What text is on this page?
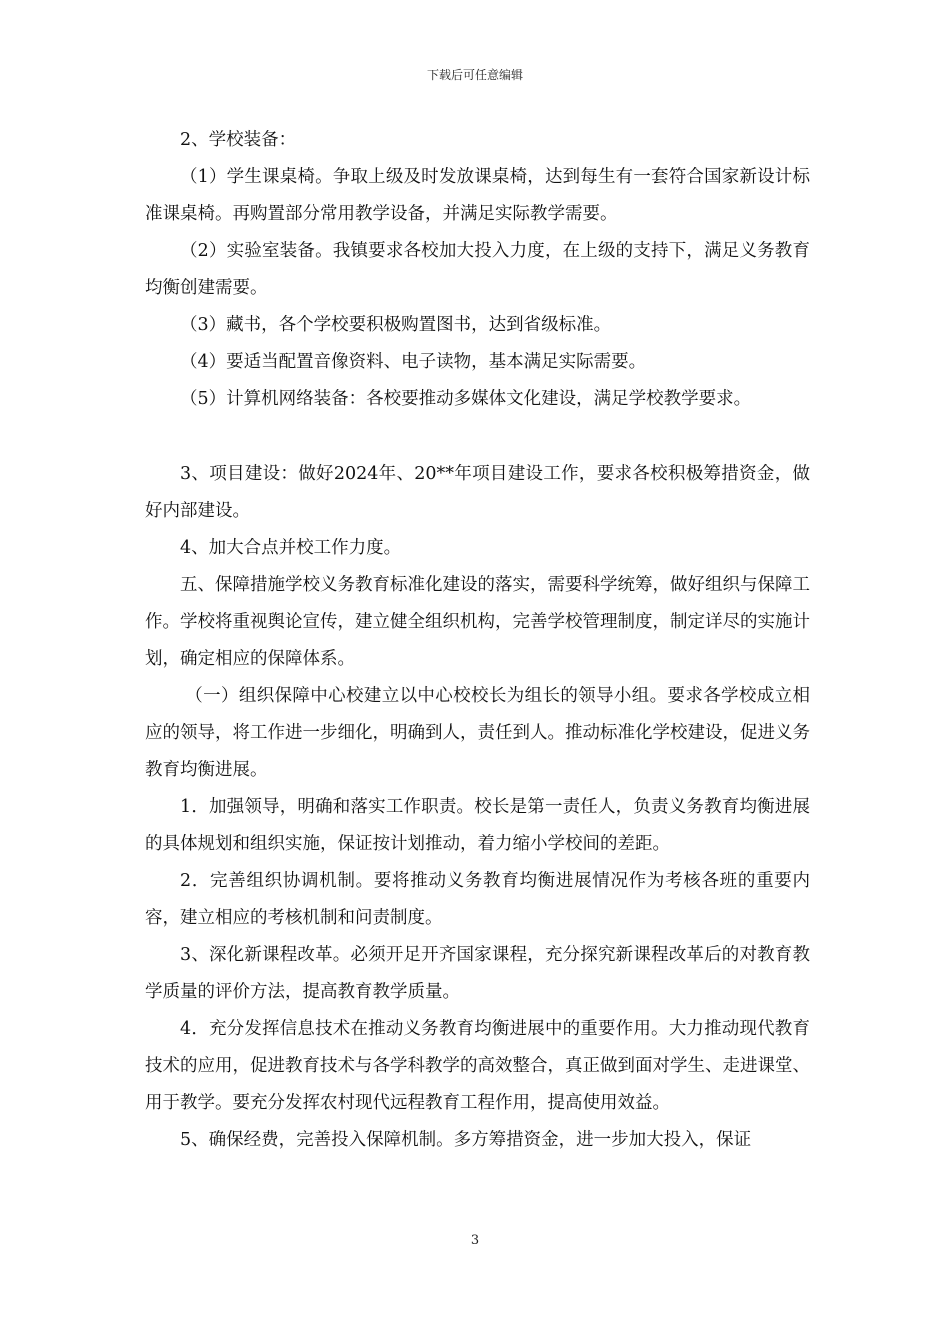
下载后可任意编辑

2、学校装备：

（1）学生课桌椅。争取上级及时发放课桌椅，达到每生有一套符合国家新设计标准课桌椅。再购置部分常用教学设备，并满足实际教学需要。

（2）实验室装备。我镇要求各校加大投入力度，在上级的支持下，满足义务教育均衡创建需要。

（3）藏书，各个学校要积极购置图书，达到省级标准。

（4）要适当配置音像资料、电子读物，基本满足实际需要。

（5）计算机网络装备：各校要推动多媒体文化建设，满足学校教学要求。

3、项目建设：做好2024年、20**年项目建设工作，要求各校积极筹措资金，做好内部建设。

4、加大合点并校工作力度。

五、保障措施学校义务教育标准化建设的落实，需要科学统筹，做好组织与保障工作。学校将重视舆论宣传，建立健全组织机构，完善学校管理制度，制定详尽的实施计划，确定相应的保障体系。

（一）组织保障中心校建立以中心校校长为组长的领导小组。要求各学校成立相应的领导，将工作进一步细化，明确到人，责任到人。推动标准化学校建设，促进义务教育均衡进展。

1．加强领导，明确和落实工作职责。校长是第一责任人，负责义务教育均衡进展的具体规划和组织实施，保证按计划推动，着力缩小学校间的差距。

2．完善组织协调机制。要将推动义务教育均衡进展情况作为考核各班的重要内容，建立相应的考核机制和问责制度。

3、深化新课程改革。必须开足开齐国家课程，充分探究新课程改革后的对教育教学质量的评价方法，提高教育教学质量。

4．充分发挥信息技术在推动义务教育均衡进展中的重要作用。大力推动现代教育技术的应用，促进教育技术与各学科教学的高效整合，真正做到面对学生、走进课堂、用于教学。要充分发挥农村现代远程教育工程作用，提高使用效益。

5、确保经费，完善投入保障机制。多方筹措资金，进一步加大投入，保证

3
